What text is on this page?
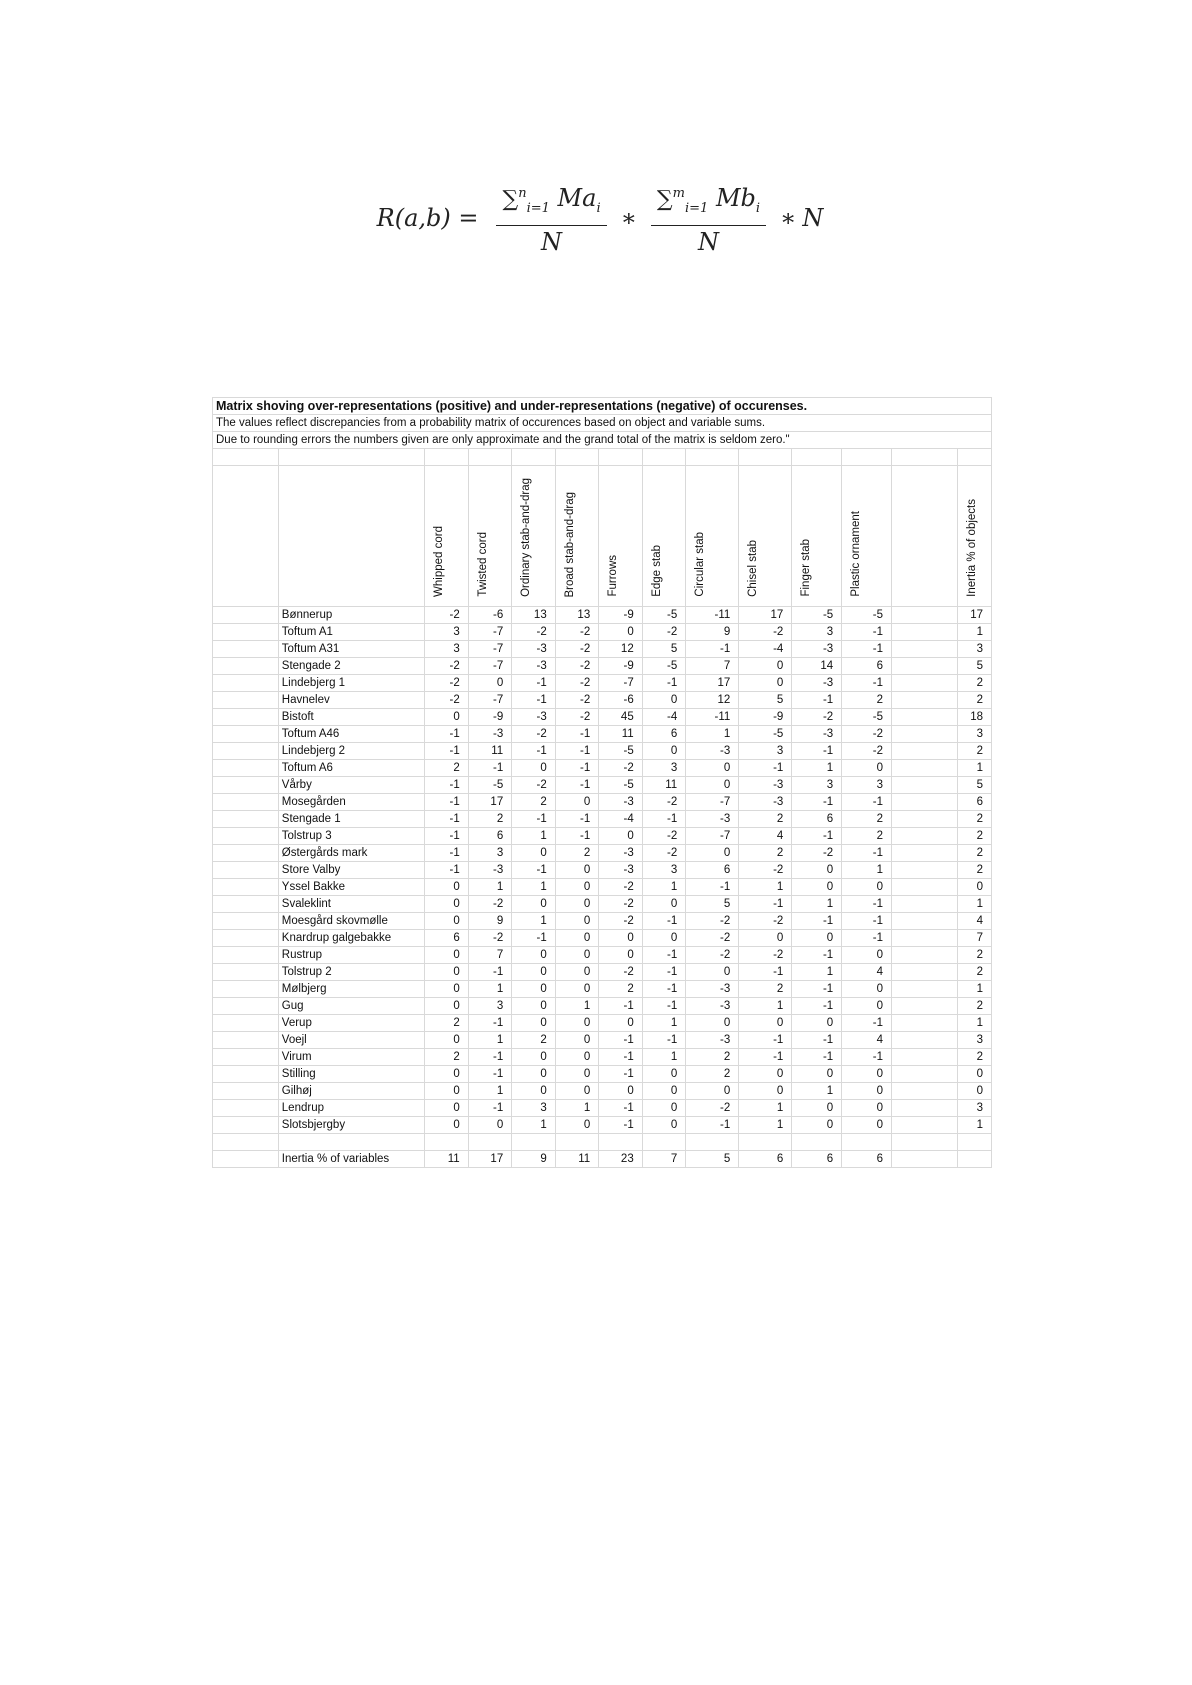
$R(a,b) = \frac{\sum^n_{i=1} Ma_i}{N}$ ∗ $\frac{\sum^m_{i=1} Mb_i}{N}$ ∗ N
Matrix shoving over-representations (positive) and under-representations (negative) of occurenses.													
The values reflect discrepancies from a probability matrix of occurences based on object and variable sums.													
Due to rounding errors the numbers given are only approximate and the grand total of the matrix is seldom zero."													

		Whipped cord	Twisted cord	Ordinary stab-and-drag	Broad stab-and-drag	Furrows	Edge stab	Circular stab	Chisel stab	Finger stab	Plastic ornament		Inertia % of objects
	Bønnerup	-2	-6	13	13	-9	-5	-11	17	-5	-5		17
	Toftum A1	3	-7	-2	-2	0	-2	9	-2	3	-1		1
	Toftum A31	3	-7	-3	-2	12	5	-1	-4	-3	-1		3
	Stengade 2	-2	-7	-3	-2	-9	-5	7	0	14	6		5
	Lindebjerg 1	-2	0	-1	-2	-7	-1	17	0	-3	-1		2
	Havnelev	-2	-7	-1	-2	-6	0	12	5	-1	2		2
	Bistoft	0	-9	-3	-2	45	-4	-11	-9	-2	-5		18
	Toftum A46	-1	-3	-2	-1	11	6	1	-5	-3	-2		3
	Lindebjerg 2	-1	11	-1	-1	-5	0	-3	3	-1	-2		2
	Toftum A6	2	-1	0	-1	-2	3	0	-1	1	0		1
	Vårby	-1	-5	-2	-1	-5	11	0	-3	3	3		5
	Mosegården	-1	17	2	0	-3	-2	-7	-3	-1	-1		6
	Stengade 1	-1	2	-1	-1	-4	-1	-3	2	6	2		2
	Tolstrup 3	-1	6	1	-1	0	-2	-7	4	-1	2		2
	Østergårds mark	-1	3	0	2	-3	-2	0	2	-2	-1		2
	Store Valby	-1	-3	-1	0	-3	3	6	-2	0	1		2
	Yssel Bakke	0	1	1	0	-2	1	-1	1	0	0		0
	Svaleklint	0	-2	0	0	-2	0	5	-1	1	-1		1
	Moesgård skovmølle	0	9	1	0	-2	-1	-2	-2	-1	-1		4
	Knardrup galgebakke	6	-2	-1	0	0	0	-2	0	0	-1		7
	Rustrup	0	7	0	0	0	-1	-2	-2	-1	0		2
	Tolstrup 2	0	-1	0	0	-2	-1	0	-1	1	4		2
	Mølbjerg	0	1	0	0	2	-1	-3	2	-1	0		1
	Gug	0	3	0	1	-1	-1	-3	1	-1	0		2
	Verup	2	-1	0	0	0	1	0	0	0	-1		1
	Voejl	0	1	2	0	-1	-1	-3	-1	-1	4		3
	Virum	2	-1	0	0	-1	1	2	-1	-1	-1		2
	Stilling	0	-1	0	0	-1	0	2	0	0	0		0
	Gilhøj	0	1	0	0	0	0	0	0	1	0		0
	Lendrup	0	-1	3	1	-1	0	-2	1	0	0		3
	Slotsbjergby	0	0	1	0	-1	0	-1	1	0	0		1

	Inertia % of variables	11	17	9	11	23	7	5	6	6	6		
